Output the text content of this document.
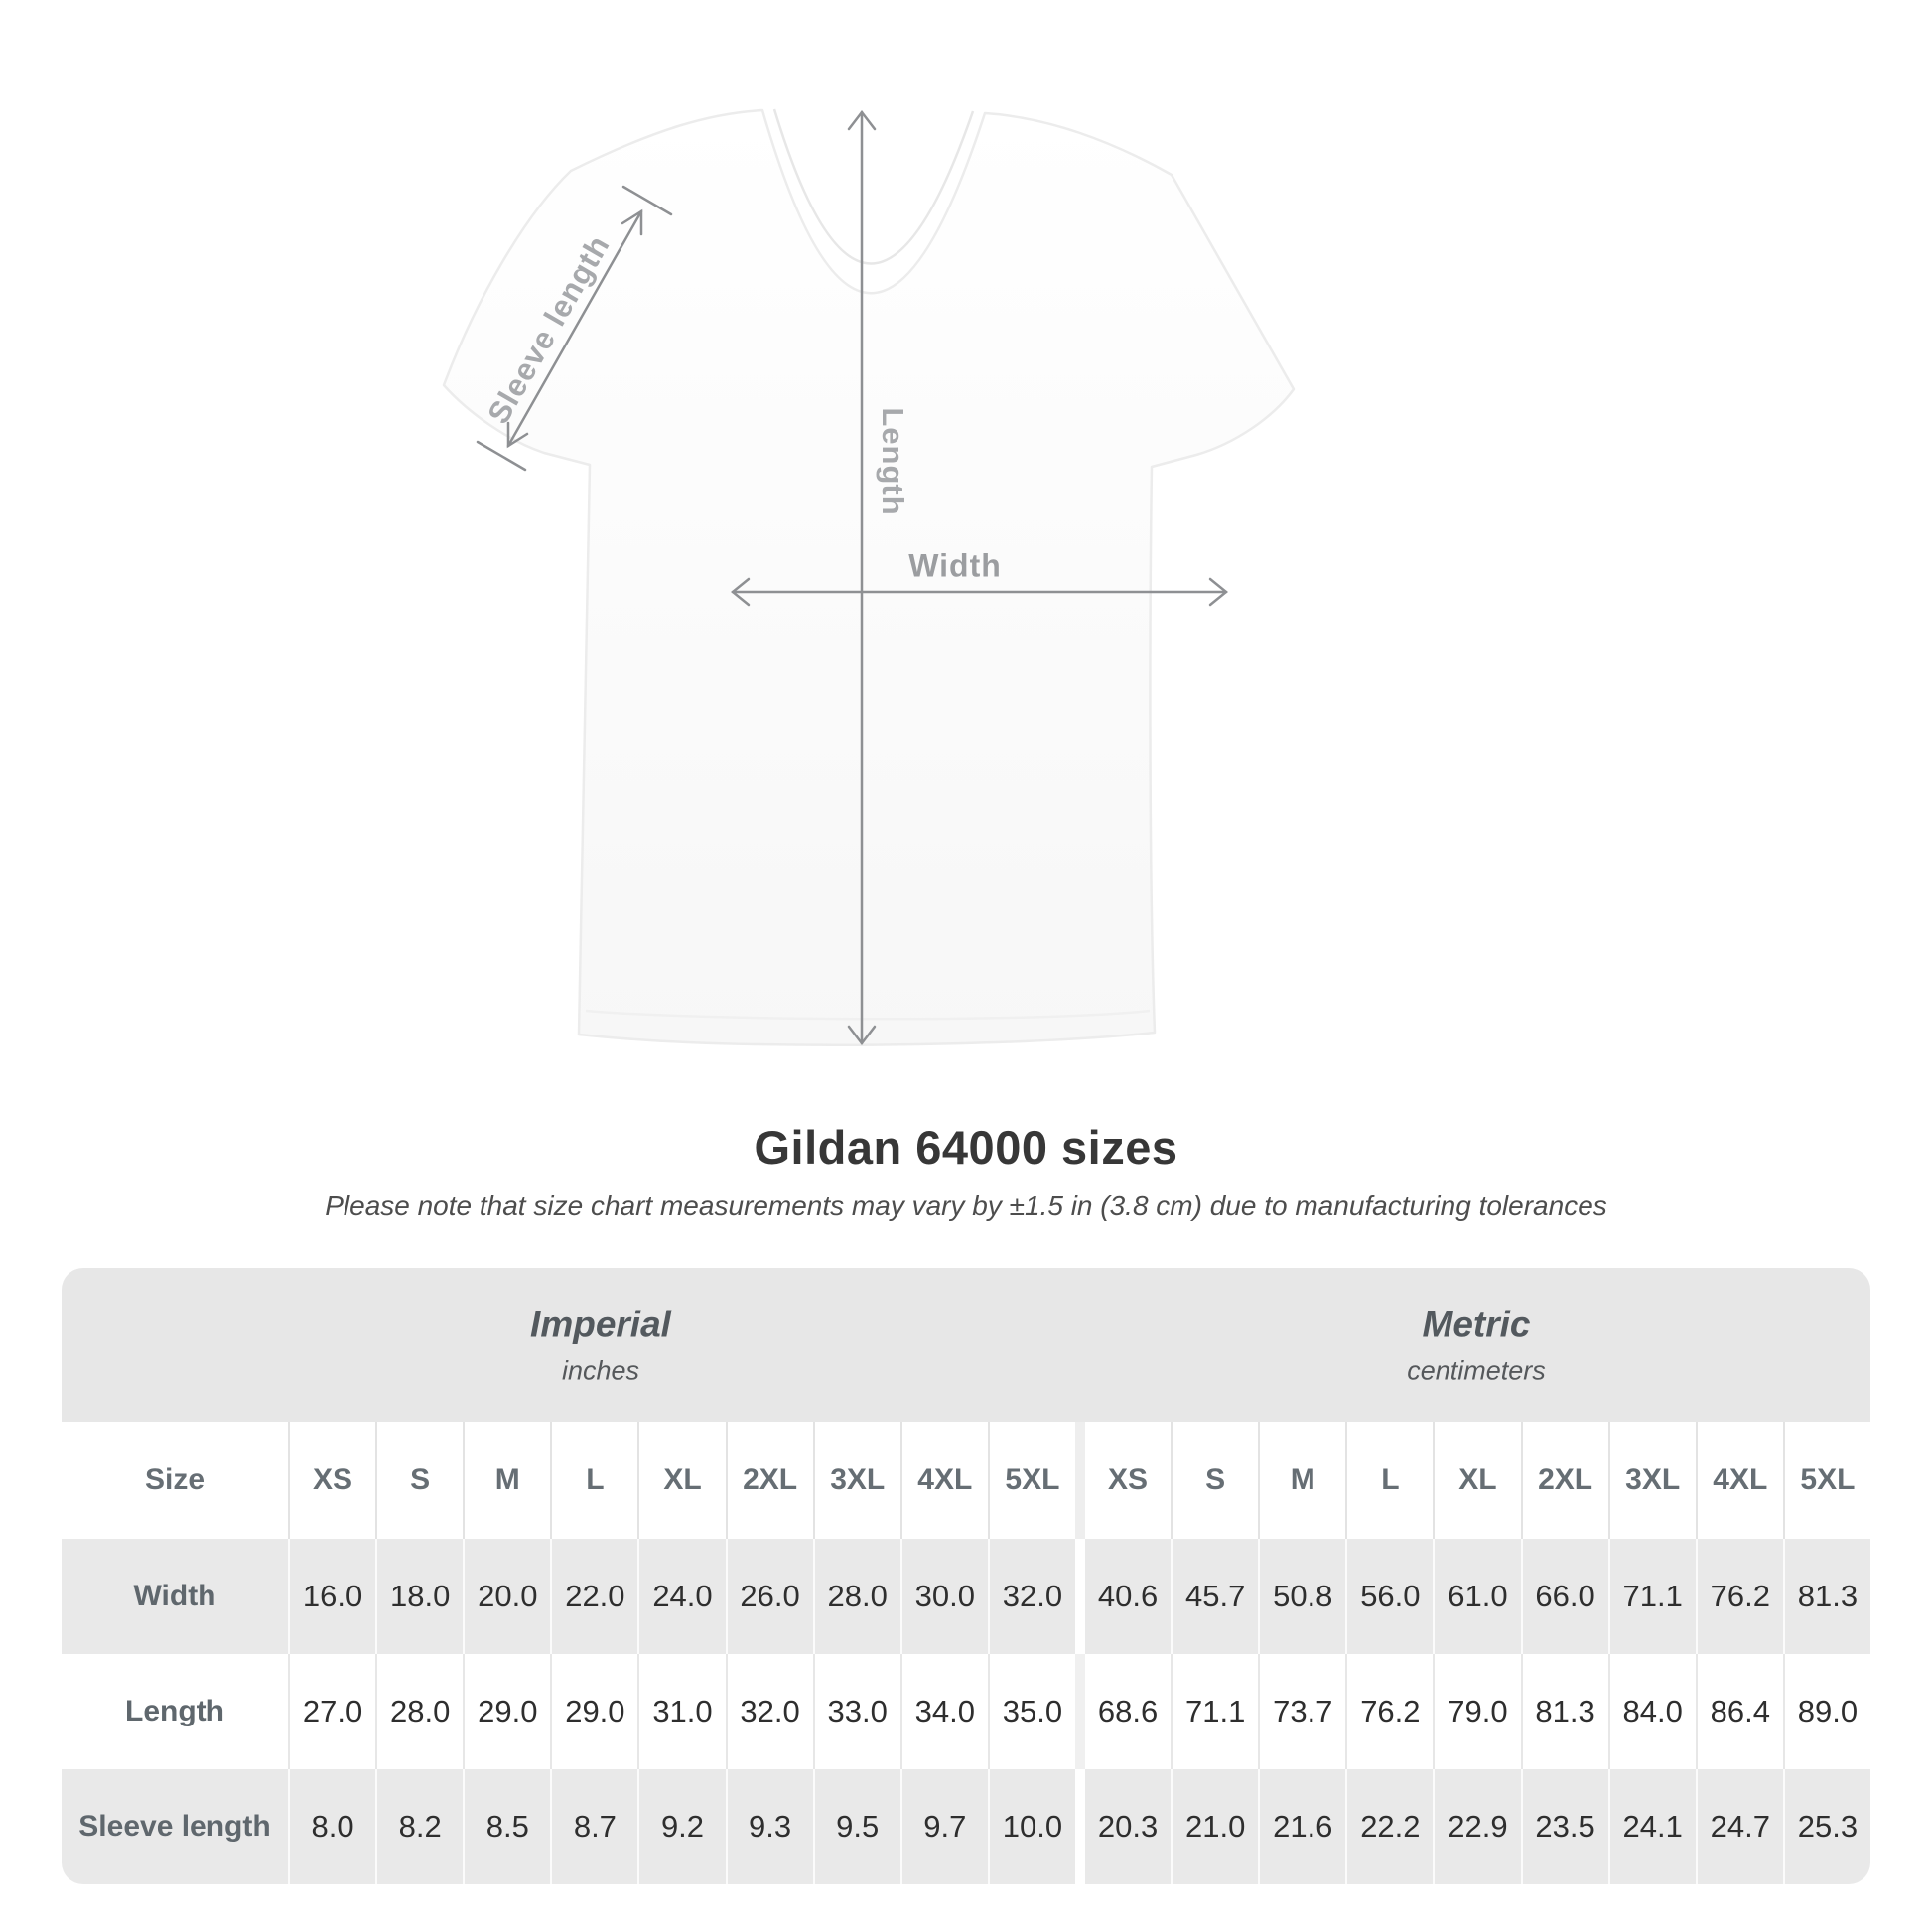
Sleeve length
Length
Width
Gildan 64000 sizes
Please note that size chart measurements may vary by ±1.5 in (3.8 cm) due to manufacturing tolerances
Imperial
inches
Metric
centimeters
Size	XS	S	M	L	XL	2XL	3XL	4XL	5XL	XS	S	M	L	XL	2XL	3XL	4XL	5XL
Width	16.0 18.0 20.0 22.0 24.0 26.0 28.0 30.0 32.0	40.6 45.7 50.8 56.0 61.0 66.0 71.1 76.2 81.3
Length	27.0 28.0 29.0 29.0 31.0 32.0 33.0 34.0 35.0	68.6 71.1 73.7 76.2 79.0 81.3 84.0 86.4 89.0
Sleeve length	8.0	8.2	8.5	8.7	9.2	9.3	9.5	9.7	10.0	20.3 21.0 21.6 22.2 22.9 23.5 24.1 24.7 25.3
